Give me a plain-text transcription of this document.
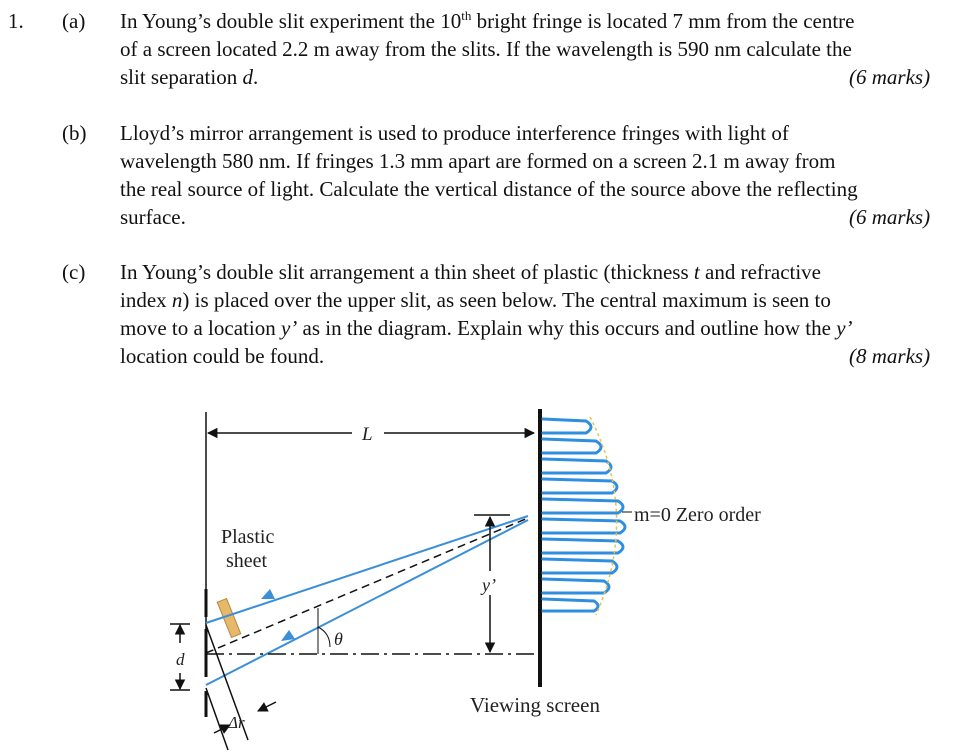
1. (a) In Young’s double slit experiment the 10th bright fringe is located 7 mm from the centre
of a screen located 2.2 m away from the slits. If the wavelength is 590 nm calculate the
slit separation d.	(6 marks)
(b) Lloyd’s mirror arrangement is used to produce interference fringes with light of
wavelength 580 nm. If fringes 1.3 mm apart are formed on a screen 2.1 m away from
the real source of light. Calculate the vertical distance of the source above the reflecting
surface.	(6 marks)
(c) In Young’s double slit arrangement a thin sheet of plastic (thickness t and refractive
index n) is placed over the upper slit, as seen below. The central maximum is seen to
move to a location y’ as in the diagram. Explain why this occurs and outline how the y’
location could be found.	(8 marks)
L
m=0 Zero order
d
Plastic
sheet
θ
y’
Δr
Viewing screen
